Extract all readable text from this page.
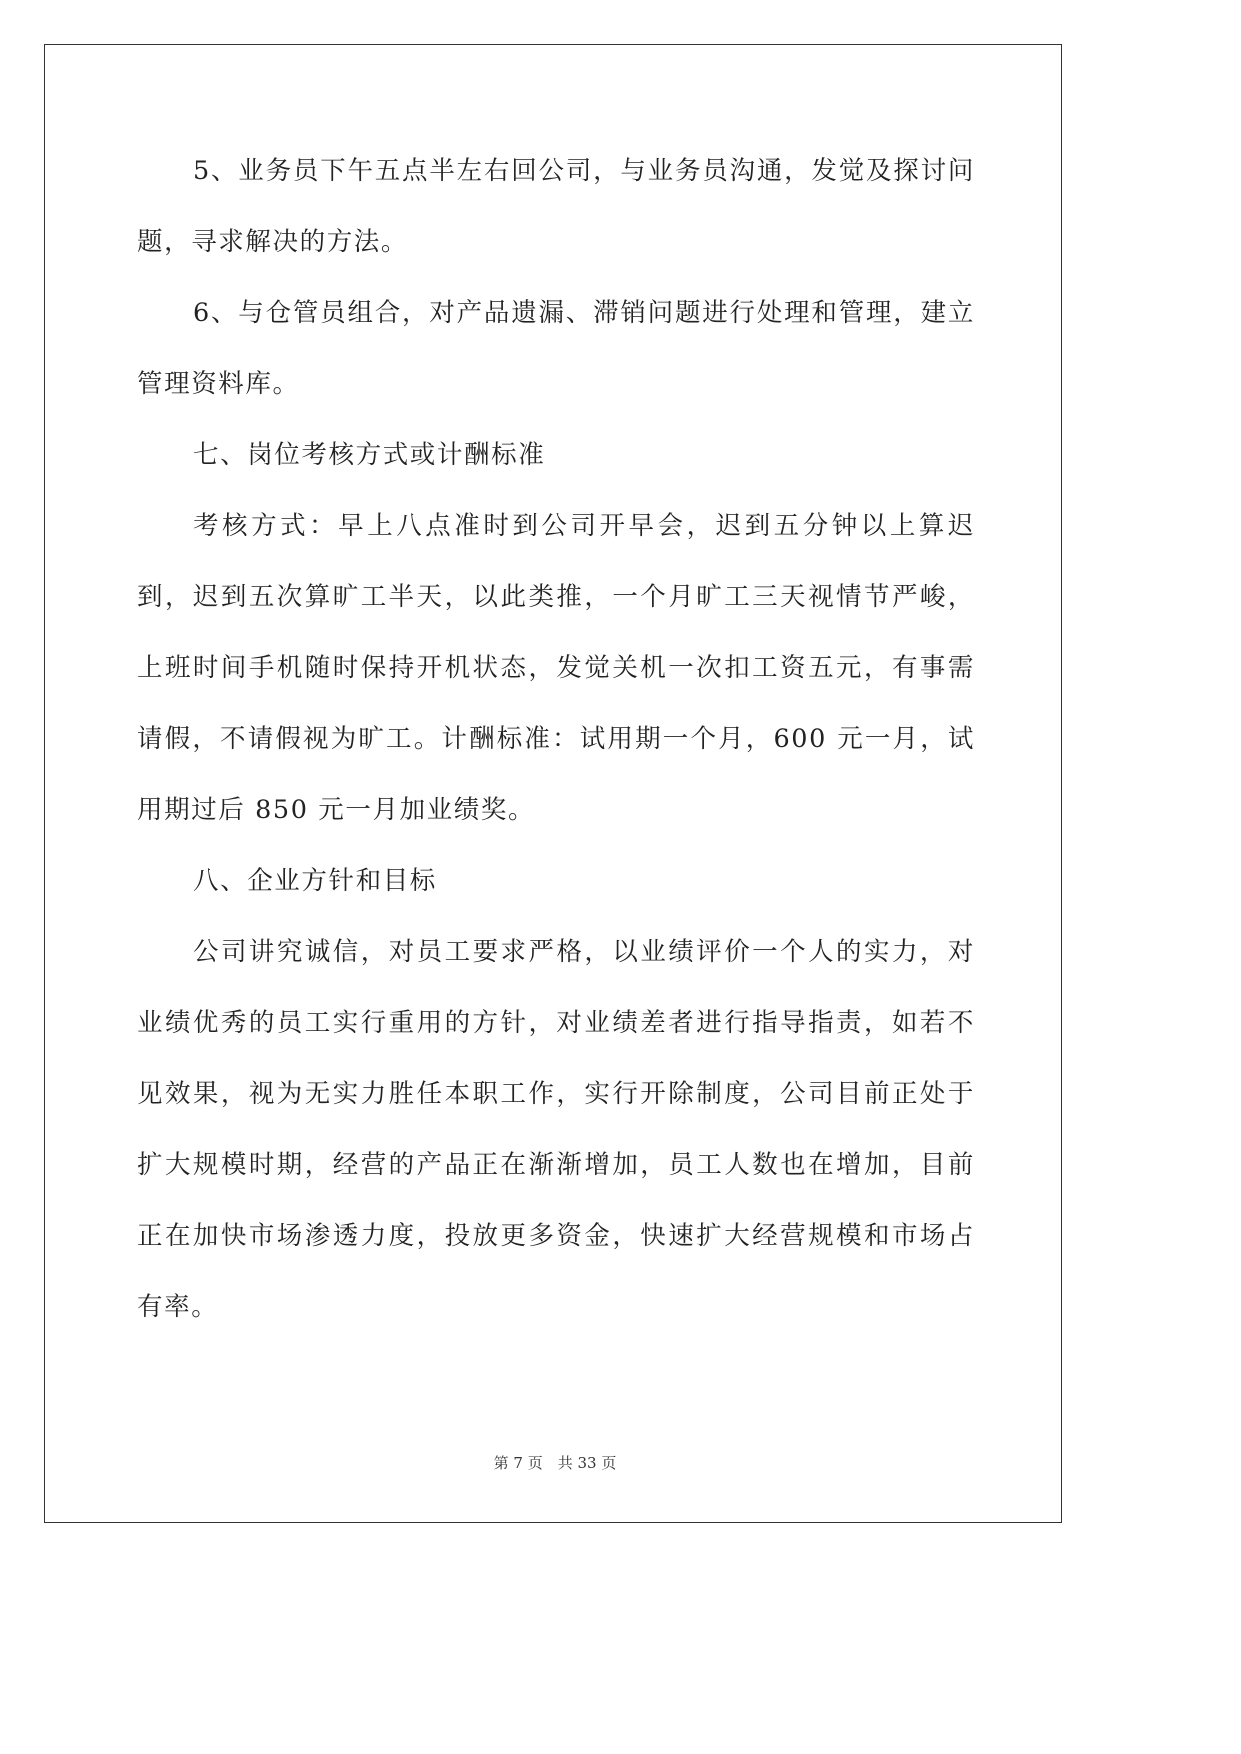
5、业务员下午五点半左右回公司，与业务员沟通，发觉及探讨问题，寻求解决的方法。

6、与仓管员组合，对产品遗漏、滞销问题进行处理和管理，建立管理资料库。

七、岗位考核方式或计酬标准

考核方式：早上八点准时到公司开早会，迟到五分钟以上算迟到，迟到五次算旷工半天，以此类推，一个月旷工三天视情节严峻，上班时间手机随时保持开机状态，发觉关机一次扣工资五元，有事需请假，不请假视为旷工。计酬标准：试用期一个月，600 元一月，试用期过后 850 元一月加业绩奖。

八、企业方针和目标

公司讲究诚信，对员工要求严格，以业绩评价一个人的实力，对业绩优秀的员工实行重用的方针，对业绩差者进行指导指责，如若不见效果，视为无实力胜任本职工作，实行开除制度，公司目前正处于扩大规模时期，经营的产品正在渐渐增加，员工人数也在增加，目前正在加快市场渗透力度，投放更多资金，快速扩大经营规模和市场占有率。

第 7 页　共 33 页
